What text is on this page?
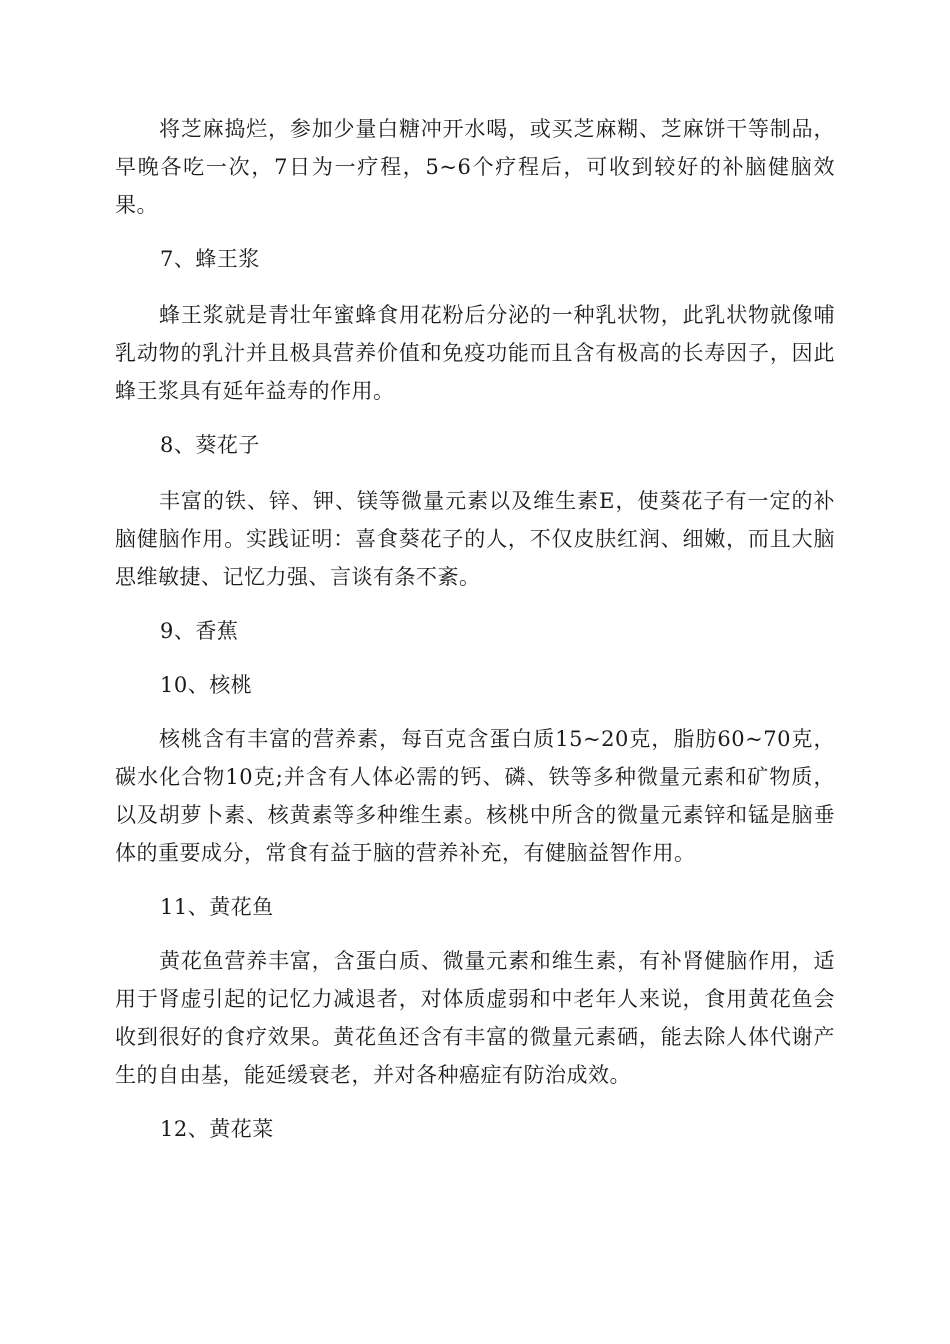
将芝麻捣烂，参加少量白糖冲开水喝，或买芝麻糊、芝麻饼干等制品，早晚各吃一次，7日为一疗程，5~6个疗程后，可收到较好的补脑健脑效果。

7、蜂王浆

蜂王浆就是青壮年蜜蜂食用花粉后分泌的一种乳状物，此乳状物就像哺乳动物的乳汁并且极具营养价值和免疫功能而且含有极高的长寿因子，因此蜂王浆具有延年益寿的作用。

8、葵花子

丰富的铁、锌、钾、镁等微量元素以及维生素E，使葵花子有一定的补脑健脑作用。实践证明：喜食葵花子的人，不仅皮肤红润、细嫩，而且大脑思维敏捷、记忆力强、言谈有条不紊。

9、香蕉

10、核桃

核桃含有丰富的营养素，每百克含蛋白质15~20克，脂肪60~70克，碳水化合物10克;并含有人体必需的钙、磷、铁等多种微量元素和矿物质，以及胡萝卜素、核黄素等多种维生素。核桃中所含的微量元素锌和锰是脑垂体的重要成分，常食有益于脑的营养补充，有健脑益智作用。

11、黄花鱼

黄花鱼营养丰富，含蛋白质、微量元素和维生素，有补肾健脑作用，适用于肾虚引起的记忆力减退者，对体质虚弱和中老年人来说，食用黄花鱼会收到很好的食疗效果。黄花鱼还含有丰富的微量元素硒，能去除人体代谢产生的自由基，能延缓衰老，并对各种癌症有防治成效。

12、黄花菜
